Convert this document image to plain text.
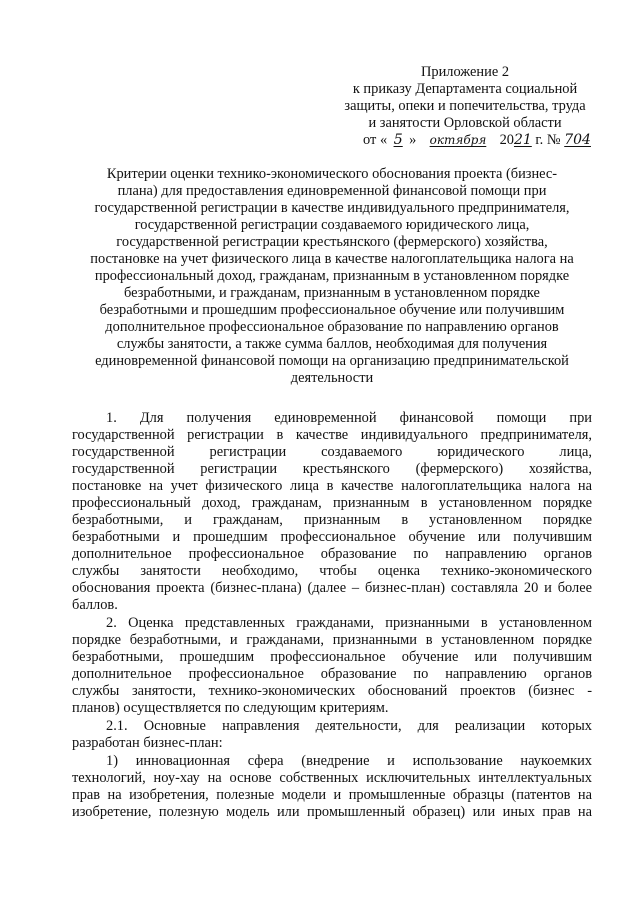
Приложение 2
к приказу Департамента социальной
защиты, опеки и попечительства, труда
и занятости Орловской области
от « 5 » октября 2021 г. № 704
Критерии оценки технико-экономического обоснования проекта (бизнес-
плана) для предоставления единовременной финансовой помощи при
государственной регистрации в качестве индивидуального предпринимателя,
государственной регистрации создаваемого юридического лица,
государственной регистрации крестьянского (фермерского) хозяйства,
постановке на учет физического лица в качестве налогоплательщика налога на
профессиональный доход, гражданам, признанным в установленном порядке
безработными, и гражданам, признанным в установленном порядке
безработными и прошедшим профессиональное обучение или получившим
дополнительное профессиональное образование по направлению органов
службы занятости, а также сумма баллов, необходимая для получения
единовременной финансовой помощи на организацию предпринимательской
деятельности
1. Для получения единовременной финансовой помощи при
государственной регистрации в качестве индивидуального предпринимателя,
государственной регистрации создаваемого юридического лица,
государственной регистрации крестьянского (фермерского) хозяйства,
постановке на учет физического лица в качестве налогоплательщика налога на
профессиональный доход, гражданам, признанным в установленном порядке
безработными, и гражданам, признанным в установленном порядке
безработными и прошедшим профессиональное обучение или получившим
дополнительное профессиональное образование по направлению органов
службы занятости необходимо, чтобы оценка технико-экономического
обоснования проекта (бизнес-плана) (далее – бизнес-план) составляла 20 и более
баллов.
2. Оценка представленных гражданами, признанными в установленном
порядке безработными, и гражданами, признанными в установленном порядке
безработными, прошедшим профессиональное обучение или получившим
дополнительное профессиональное образование по направлению органов
службы занятости, технико-экономических обоснований проектов (бизнес -
планов) осуществляется по следующим критериям.
2.1. Основные направления деятельности, для реализации которых
разработан бизнес-план:
1) инновационная сфера (внедрение и использование наукоемких
технологий, ноу-хау на основе собственных исключительных интеллектуальных
прав на изобретения, полезные модели и промышленные образцы (патентов на
изобретение, полезную модель или промышленный образец) или иных прав на
